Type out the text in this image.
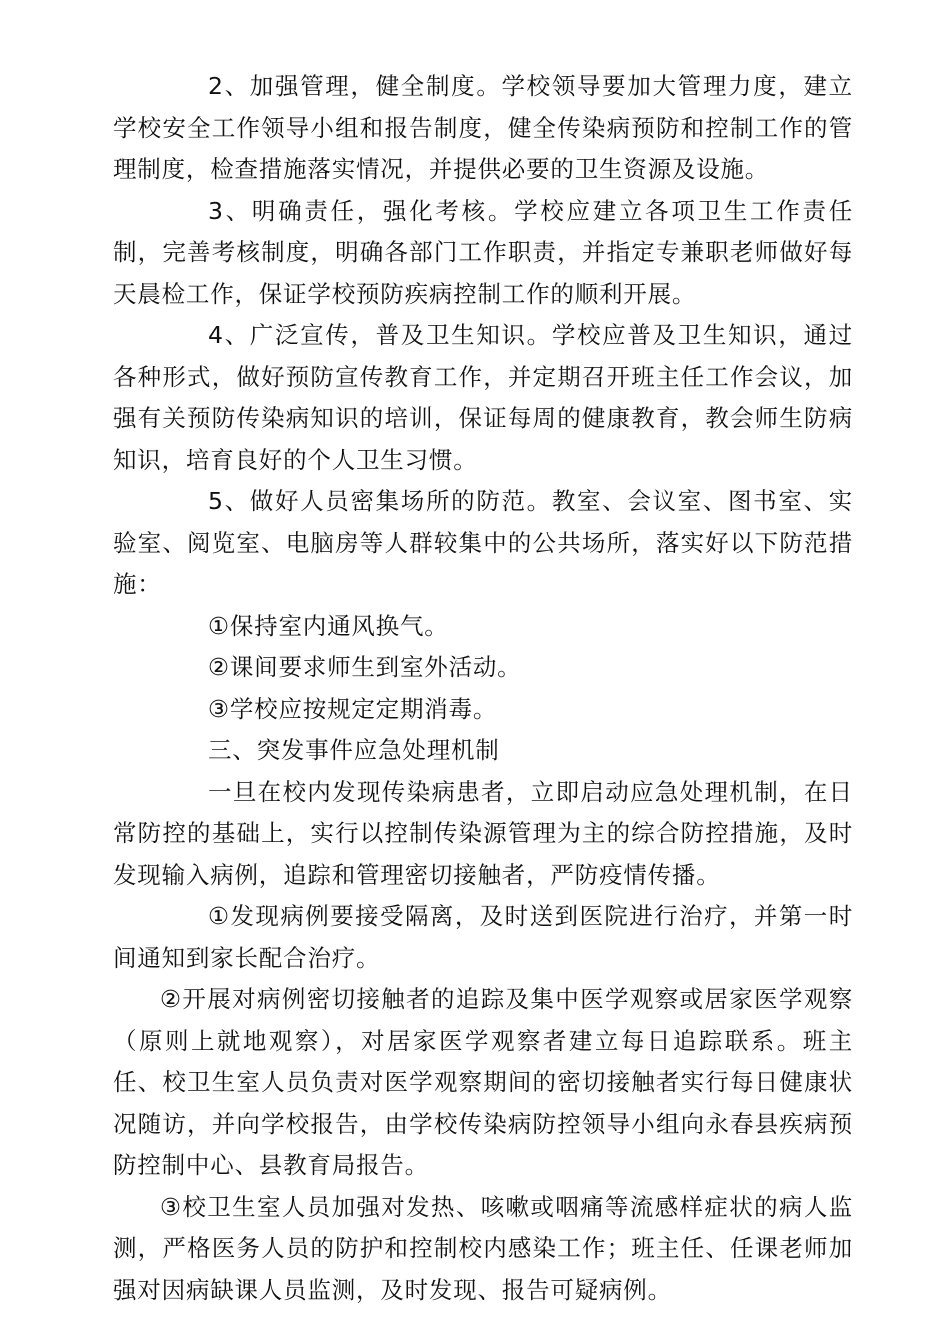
2、加强管理，健全制度。学校领导要加大管理力度，建立学校安全工作领导小组和报告制度，健全传染病预防和控制工作的管理制度，检查措施落实情况，并提供必要的卫生资源及设施。

3、明确责任，强化考核。学校应建立各项卫生工作责任制，完善考核制度，明确各部门工作职责，并指定专兼职老师做好每天晨检工作，保证学校预防疾病控制工作的顺利开展。

4、广泛宣传，普及卫生知识。学校应普及卫生知识，通过各种形式，做好预防宣传教育工作，并定期召开班主任工作会议，加强有关预防传染病知识的培训，保证每周的健康教育，教会师生防病知识，培育良好的个人卫生习惯。

5、做好人员密集场所的防范。教室、会议室、图书室、实验室、阅览室、电脑房等人群较集中的公共场所，落实好以下防范措施：

①保持室内通风换气。

②课间要求师生到室外活动。

③学校应按规定定期消毒。

三、突发事件应急处理机制

一旦在校内发现传染病患者，立即启动应急处理机制，在日常防控的基础上，实行以控制传染源管理为主的综合防控措施，及时发现输入病例，追踪和管理密切接触者，严防疫情传播。

①发现病例要接受隔离，及时送到医院进行治疗，并第一时间通知到家长配合治疗。

②开展对病例密切接触者的追踪及集中医学观察或居家医学观察（原则上就地观察），对居家医学观察者建立每日追踪联系。班主任、校卫生室人员负责对医学观察期间的密切接触者实行每日健康状况随访，并向学校报告，由学校传染病防控领导小组向永春县疾病预防控制中心、县教育局报告。

③校卫生室人员加强对发热、咳嗽或咽痛等流感样症状的病人监测，严格医务人员的防护和控制校内感染工作；班主任、任课老师加强对因病缺课人员监测，及时发现、报告可疑病例。
